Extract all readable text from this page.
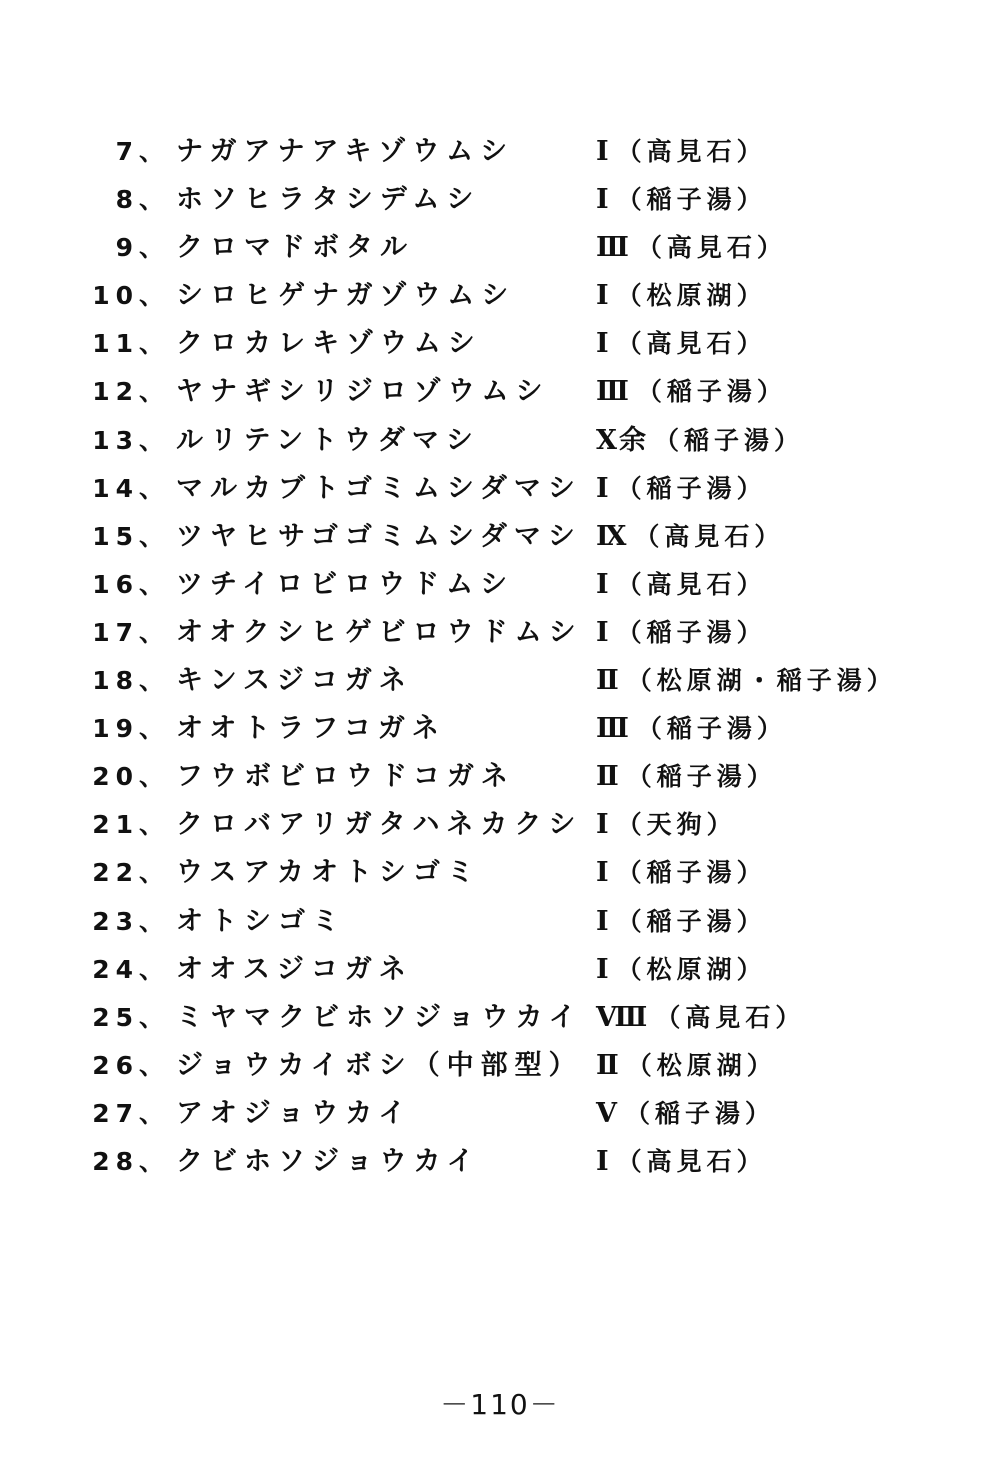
7、 ナガアナアキゾウムシ	Ⅰ （高見石）
8、 ホソヒラタシデムシ	Ⅰ （稲子湯）
9、 クロマドボタル	Ⅲ （高見石）
10、 シロヒゲナガゾウムシ	Ⅰ （松原湖）
11、 クロカレキゾウムシ	Ⅰ （高見石）
12、 ヤナギシリジロゾウムシ Ⅲ （稲子湯）
13、 ルリテントウダマシ	Ⅹ余 （稲子湯）
14、 マルカブトゴミムシダマシ Ⅰ （稲子湯）
15、 ツヤヒサゴゴミムシダマシ Ⅸ （高見石）
16、 ツチイロビロウドムシ	Ⅰ （高見石）
17、 オオクシヒゲビロウドムシ Ⅰ （稲子湯）
18、 キンスジコガネ	Ⅱ （松原湖・稲子湯）
19、 オオトラフコガネ	Ⅲ （稲子湯）
20、 フウボビロウドコガネ	Ⅱ （稲子湯）
21、 クロバアリガタハネカクシ Ⅰ （天狗）
22、 ウスアカオトシゴミ	Ⅰ （稲子湯）
23、 オトシゴミ	Ⅰ （稲子湯）
24、 オオスジコガネ	Ⅰ （松原湖）
25、 ミヤマクビホソジョウカイ Ⅷ （高見石）
26、 ジョウカイボシ（中部型） Ⅱ （松原湖）
27、 アオジョウカイ	Ⅴ （稲子湯）
28、 クビホソジョウカイ	Ⅰ （高見石）
－110－
